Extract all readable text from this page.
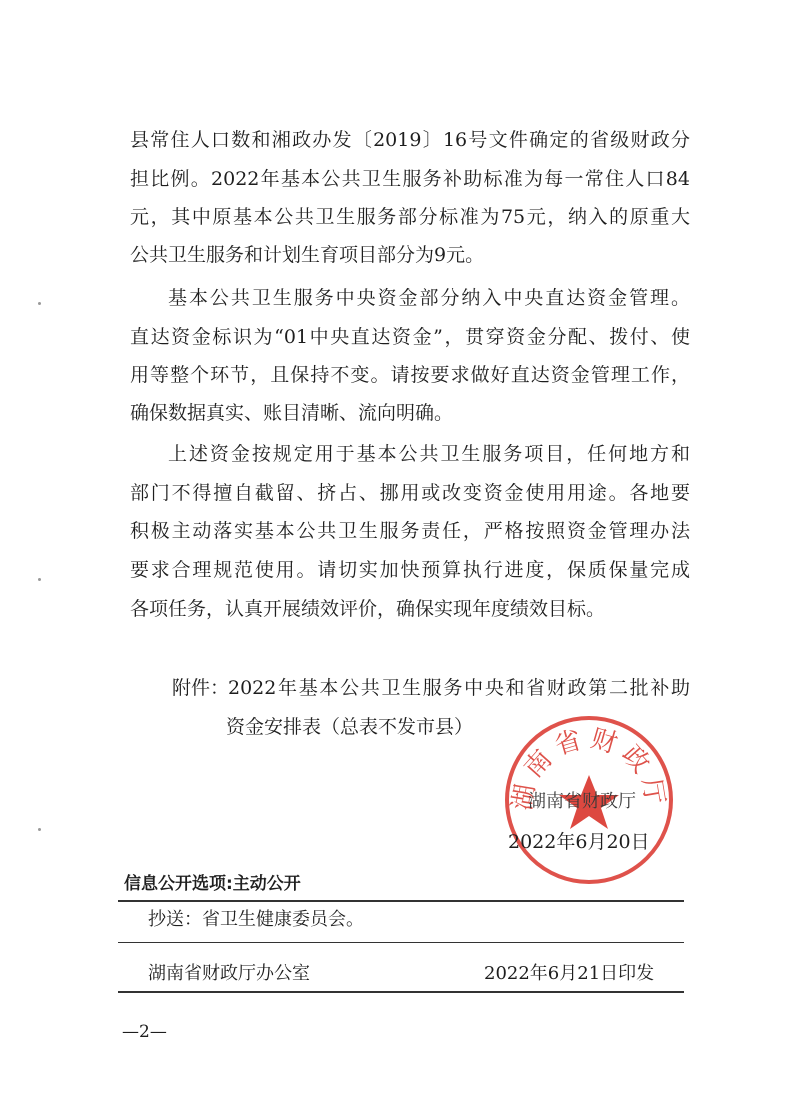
县常住人口数和湘政办发〔2019〕16号文件确定的省级财政分
担比例。2022年基本公共卫生服务补助标准为每一常住人口84
元，其中原基本公共卫生服务部分标准为75元，纳入的原重大
公共卫生服务和计划生育项目部分为9元。
基本公共卫生服务中央资金部分纳入中央直达资金管理。
直达资金标识为“01中央直达资金”，贯穿资金分配、拨付、使
用等整个环节，且保持不变。请按要求做好直达资金管理工作，
确保数据真实、账目清晰、流向明确。
上述资金按规定用于基本公共卫生服务项目，任何地方和
部门不得擅自截留、挤占、挪用或改变资金使用用途。各地要
积极主动落实基本公共卫生服务责任，严格按照资金管理办法
要求合理规范使用。请切实加快预算执行进度，保质保量完成
各项任务，认真开展绩效评价，确保实现年度绩效目标。
附件：
2022年基本公共卫生服务中央和省财政第二批补助
资金安排表（总表不发市县）
湖南省财政厅
湖南省财政厅
2022年6月20日
信息公开选项:主动公开
抄送：省卫生健康委员会。
湖南省财政厅办公室	2022年6月21日印发
—2—
